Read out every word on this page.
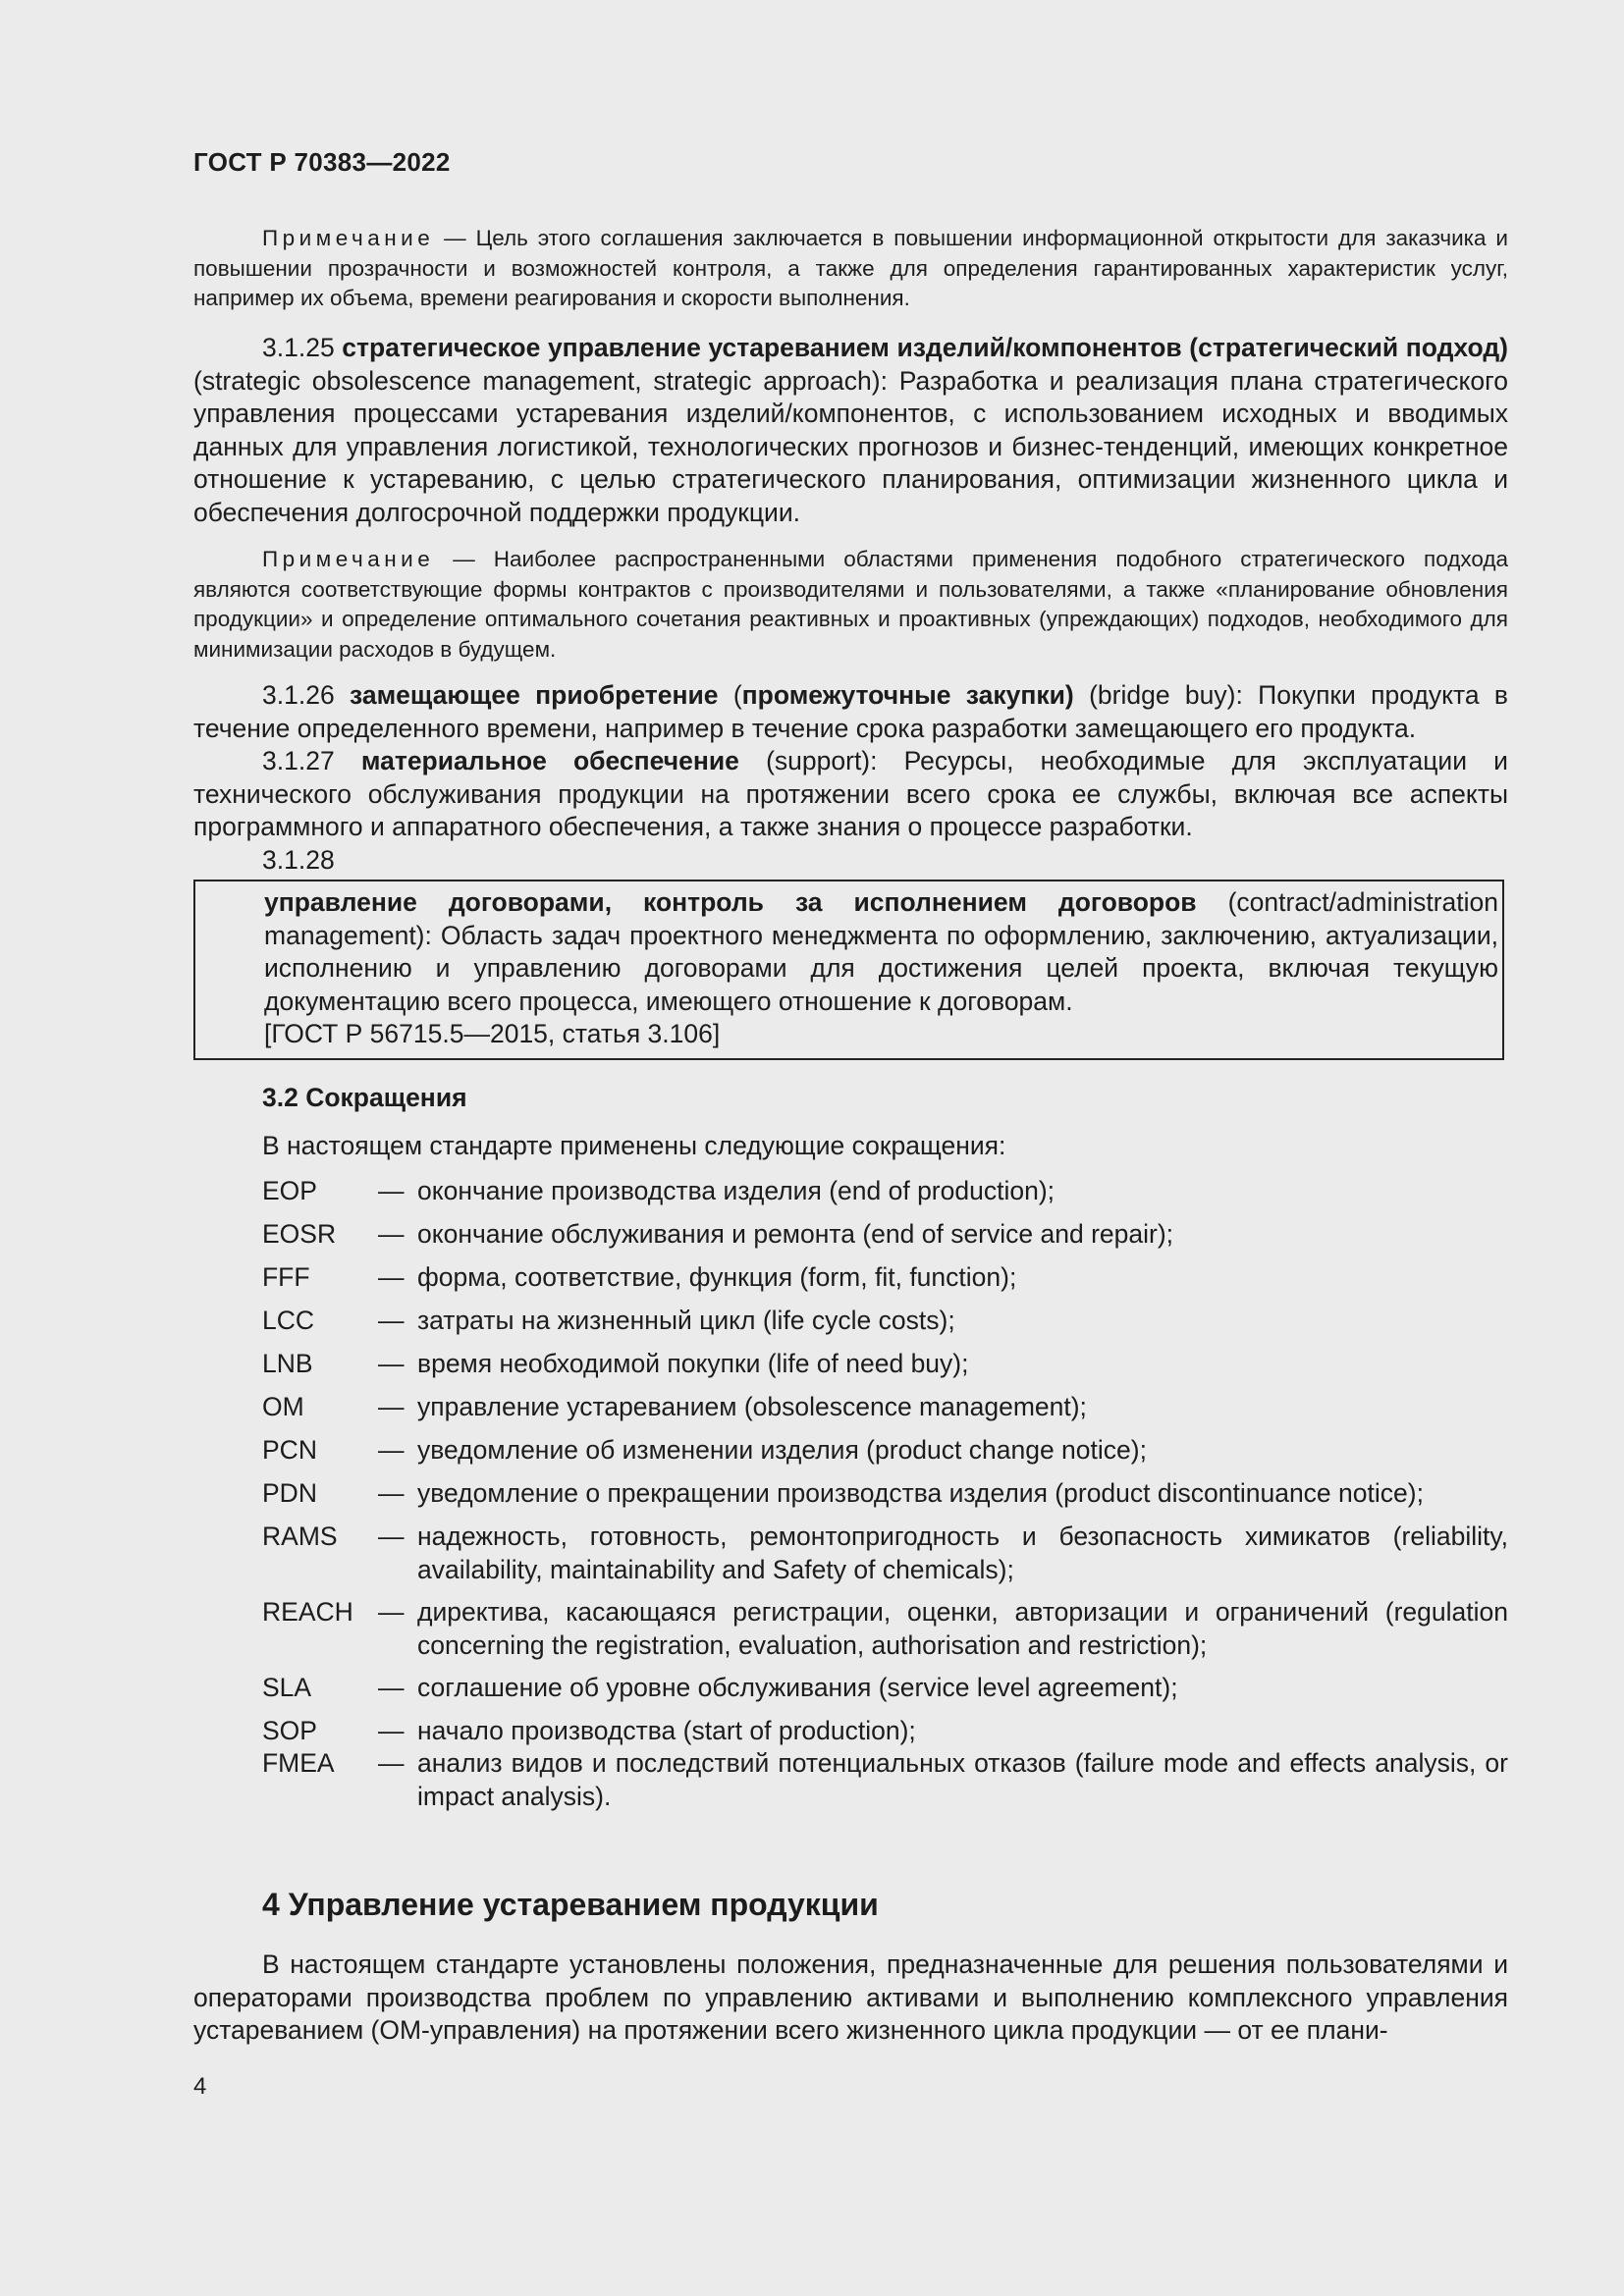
ГОСТ Р 70383—2022

Примечание — Цель этого соглашения заключается в повышении информационной открытости для заказчика и повышении прозрачности и возможностей контроля, а также для определения гарантированных характеристик услуг, например их объема, времени реагирования и скорости выполнения.

3.1.25 стратегическое управление устареванием изделий/компонентов (стратегический подход) (strategic obsolescence management, strategic approach): Разработка и реализация плана стратегического управления процессами устаревания изделий/компонентов, с использованием исходных и вводимых данных для управления логистикой, технологических прогнозов и бизнес-тенденций, имеющих конкретное отношение к устареванию, с целью стратегического планирования, оптимизации жизненного цикла и обеспечения долгосрочной поддержки продукции.

Примечание — Наиболее распространенными областями применения подобного стратегического подхода являются соответствующие формы контрактов с производителями и пользователями, а также «планирование обновления продукции» и определение оптимального сочетания реактивных и проактивных (упреждающих) подходов, необходимого для минимизации расходов в будущем.

3.1.26 замещающее приобретение (промежуточные закупки) (bridge buy): Покупки продукта в течение определенного времени, например в течение срока разработки замещающего его продукта.

3.1.27 материальное обеспечение (support): Ресурсы, необходимые для эксплуатации и технического обслуживания продукции на протяжении всего срока ее службы, включая все аспекты программного и аппаратного обеспечения, а также знания о процессе разработки.

3.1.28

управление договорами, контроль за исполнением договоров (contract/administration management): Область задач проектного менеджмента по оформлению, заключению, актуализации, исполнению и управлению договорами для достижения целей проекта, включая текущую документацию всего процесса, имеющего отношение к договорам.
[ГОСТ Р 56715.5—2015, статья 3.106]
3.2 Сокращения
В настоящем стандарте применены следующие сокращения:
EOP — окончание производства изделия (end of production);
EOSR — окончание обслуживания и ремонта (end of service and repair);
FFF	— форма, соответствие, функция (form, fit, function);
LCC — затраты на жизненный цикл (life cycle costs);
LNB	— время необходимой покупки (life of need buy);
OM	— управление устареванием (obsolescence management);
PCN — уведомление об изменении изделия (product change notice);
PDN — уведомление о прекращении производства изделия (product discontinuance notice);
RAMS — надежность, готовность, ремонтопригодность и безопасность химикатов (reliability, availability, maintainability and Safety of chemicals);
REACH — директива, касающаяся регистрации, оценки, авторизации и ограничений (regulation concerning the registration, evaluation, authorisation and restriction);
SLA	— соглашение об уровне обслуживания (service level agreement);
SOP — начало производства (start of production);
FMEA — анализ видов и последствий потенциальных отказов (failure mode and effects analysis, or impact analysis).
4 Управление устареванием продукции

В настоящем стандарте установлены положения, предназначенные для решения пользователями и операторами производства проблем по управлению активами и выполнению комплексного управления устареванием (ОМ-управления) на протяжении всего жизненного цикла продукции — от ее плани-

4
